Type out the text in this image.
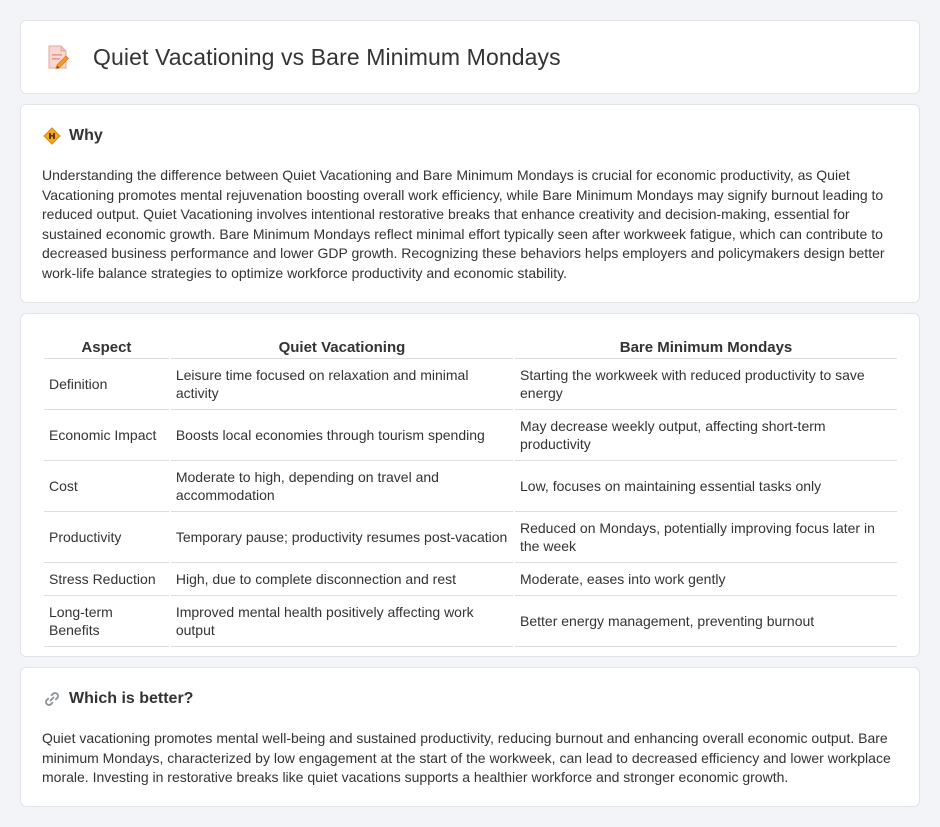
Quiet Vacationing vs Bare Minimum Mondays
Why

Understanding the difference between Quiet Vacationing and Bare Minimum Mondays is crucial for economic productivity, as Quiet Vacationing promotes mental rejuvenation boosting overall work efficiency, while Bare Minimum Mondays may signify burnout leading to reduced output. Quiet Vacationing involves intentional restorative breaks that enhance creativity and decision-making, essential for sustained economic growth. Bare Minimum Mondays reflect minimal effort typically seen after workweek fatigue, which can contribute to decreased business performance and lower GDP growth. Recognizing these behaviors helps employers and policymakers design better work-life balance strategies to optimize workforce productivity and economic stability.

Aspect	Quiet Vacationing	Bare Minimum Mondays
Definition	Leisure time focused on relaxation and minimal activity	Starting the workweek with reduced productivity to save energy
Economic Impact	Boosts local economies through tourism spending	May decrease weekly output, affecting short-term productivity
Cost	Moderate to high, depending on travel and accommodation	Low, focuses on maintaining essential tasks only
Productivity	Temporary pause; productivity resumes post-vacation	Reduced on Mondays, potentially improving focus later in the week
Stress Reduction	High, due to complete disconnection and rest	Moderate, eases into work gently
Long-term Benefits	Improved mental health positively affecting work output	Better energy management, preventing burnout
Which is better?

Quiet vacationing promotes mental well-being and sustained productivity, reducing burnout and enhancing overall economic output. Bare minimum Mondays, characterized by low engagement at the start of the workweek, can lead to decreased efficiency and lower workplace morale. Investing in restorative breaks like quiet vacations supports a healthier workforce and stronger economic growth.
